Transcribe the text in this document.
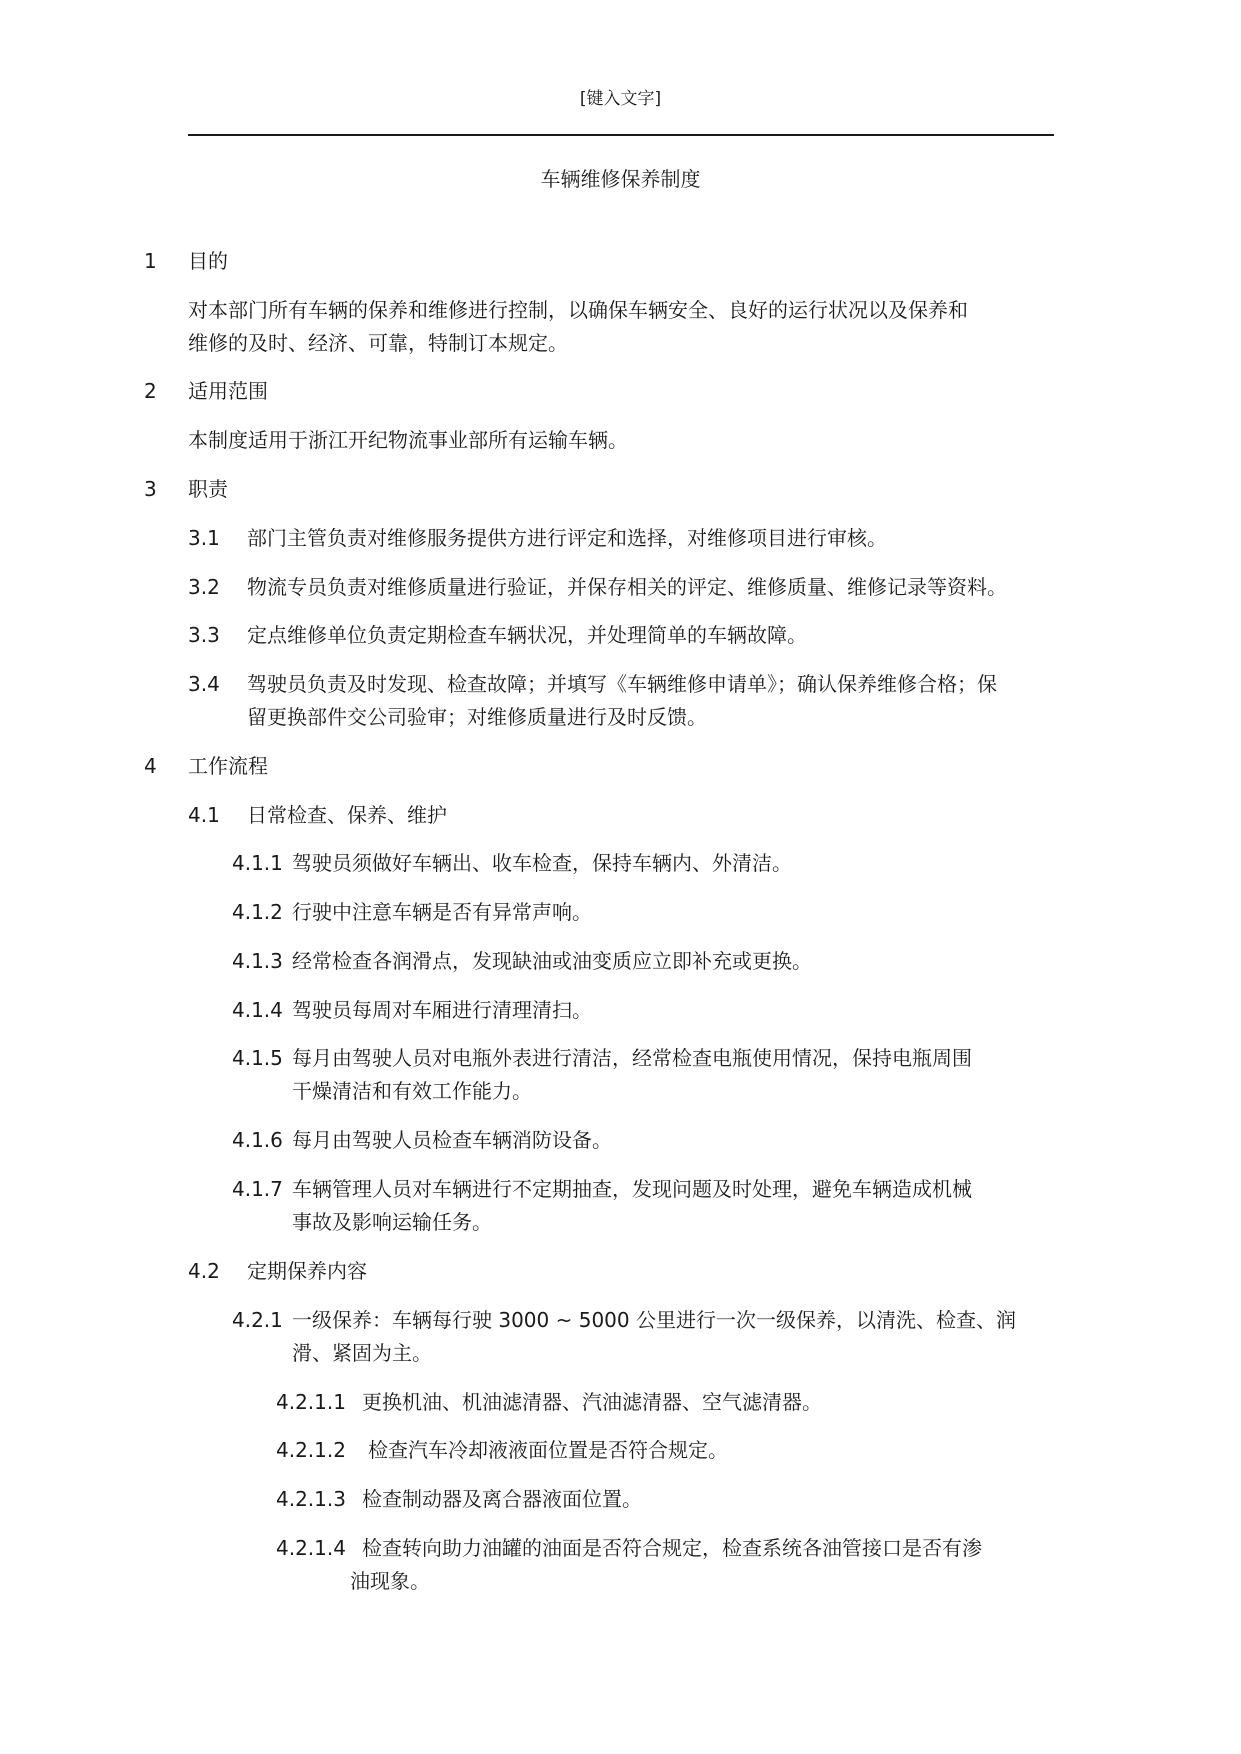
[键入文字]
车辆维修保养制度
1 目的
对本部门所有车辆的保养和维修进行控制，以确保车辆安全、良好的运行状况以及保养和
维修的及时、经济、可靠，特制订本规定。
2 适用范围
本制度适用于浙江开纪物流事业部所有运输车辆。
3 职责
3.1 部门主管负责对维修服务提供方进行评定和选择，对维修项目进行审核。
3.2 物流专员负责对维修质量进行验证，并保存相关的评定、维修质量、维修记录等资料。
3.3 定点维修单位负责定期检查车辆状况，并处理简单的车辆故障。
3.4 驾驶员负责及时发现、检查故障；并填写《车辆维修申请单》；确认保养维修合格；保
留更换部件交公司验审；对维修质量进行及时反馈。
4 工作流程
4.1 日常检查、保养、维护
4.1.1 驾驶员须做好车辆出、收车检查，保持车辆内、外清洁。
4.1.2 行驶中注意车辆是否有异常声响。
4.1.3 经常检查各润滑点，发现缺油或油变质应立即补充或更换。
4.1.4 驾驶员每周对车厢进行清理清扫。
4.1.5 每月由驾驶人员对电瓶外表进行清洁，经常检查电瓶使用情况，保持电瓶周围
干燥清洁和有效工作能力。
4.1.6 每月由驾驶人员检查车辆消防设备。
4.1.7 车辆管理人员对车辆进行不定期抽查，发现问题及时处理，避免车辆造成机械
事故及影响运输任务。
4.2 定期保养内容
4.2.1 一级保养：车辆每行驶 3000 ~ 5000 公里进行一次一级保养，以清洗、检查、润
滑、紧固为主。
4.2.1.1 更换机油、机油滤清器、汽油滤清器、空气滤清器。
4.2.1.2 检查汽车冷却液液面位置是否符合规定。
4.2.1.3 检查制动器及离合器液面位置。
4.2.1.4 检查转向助力油罐的油面是否符合规定，检查系统各油管接口是否有渗
油现象。
